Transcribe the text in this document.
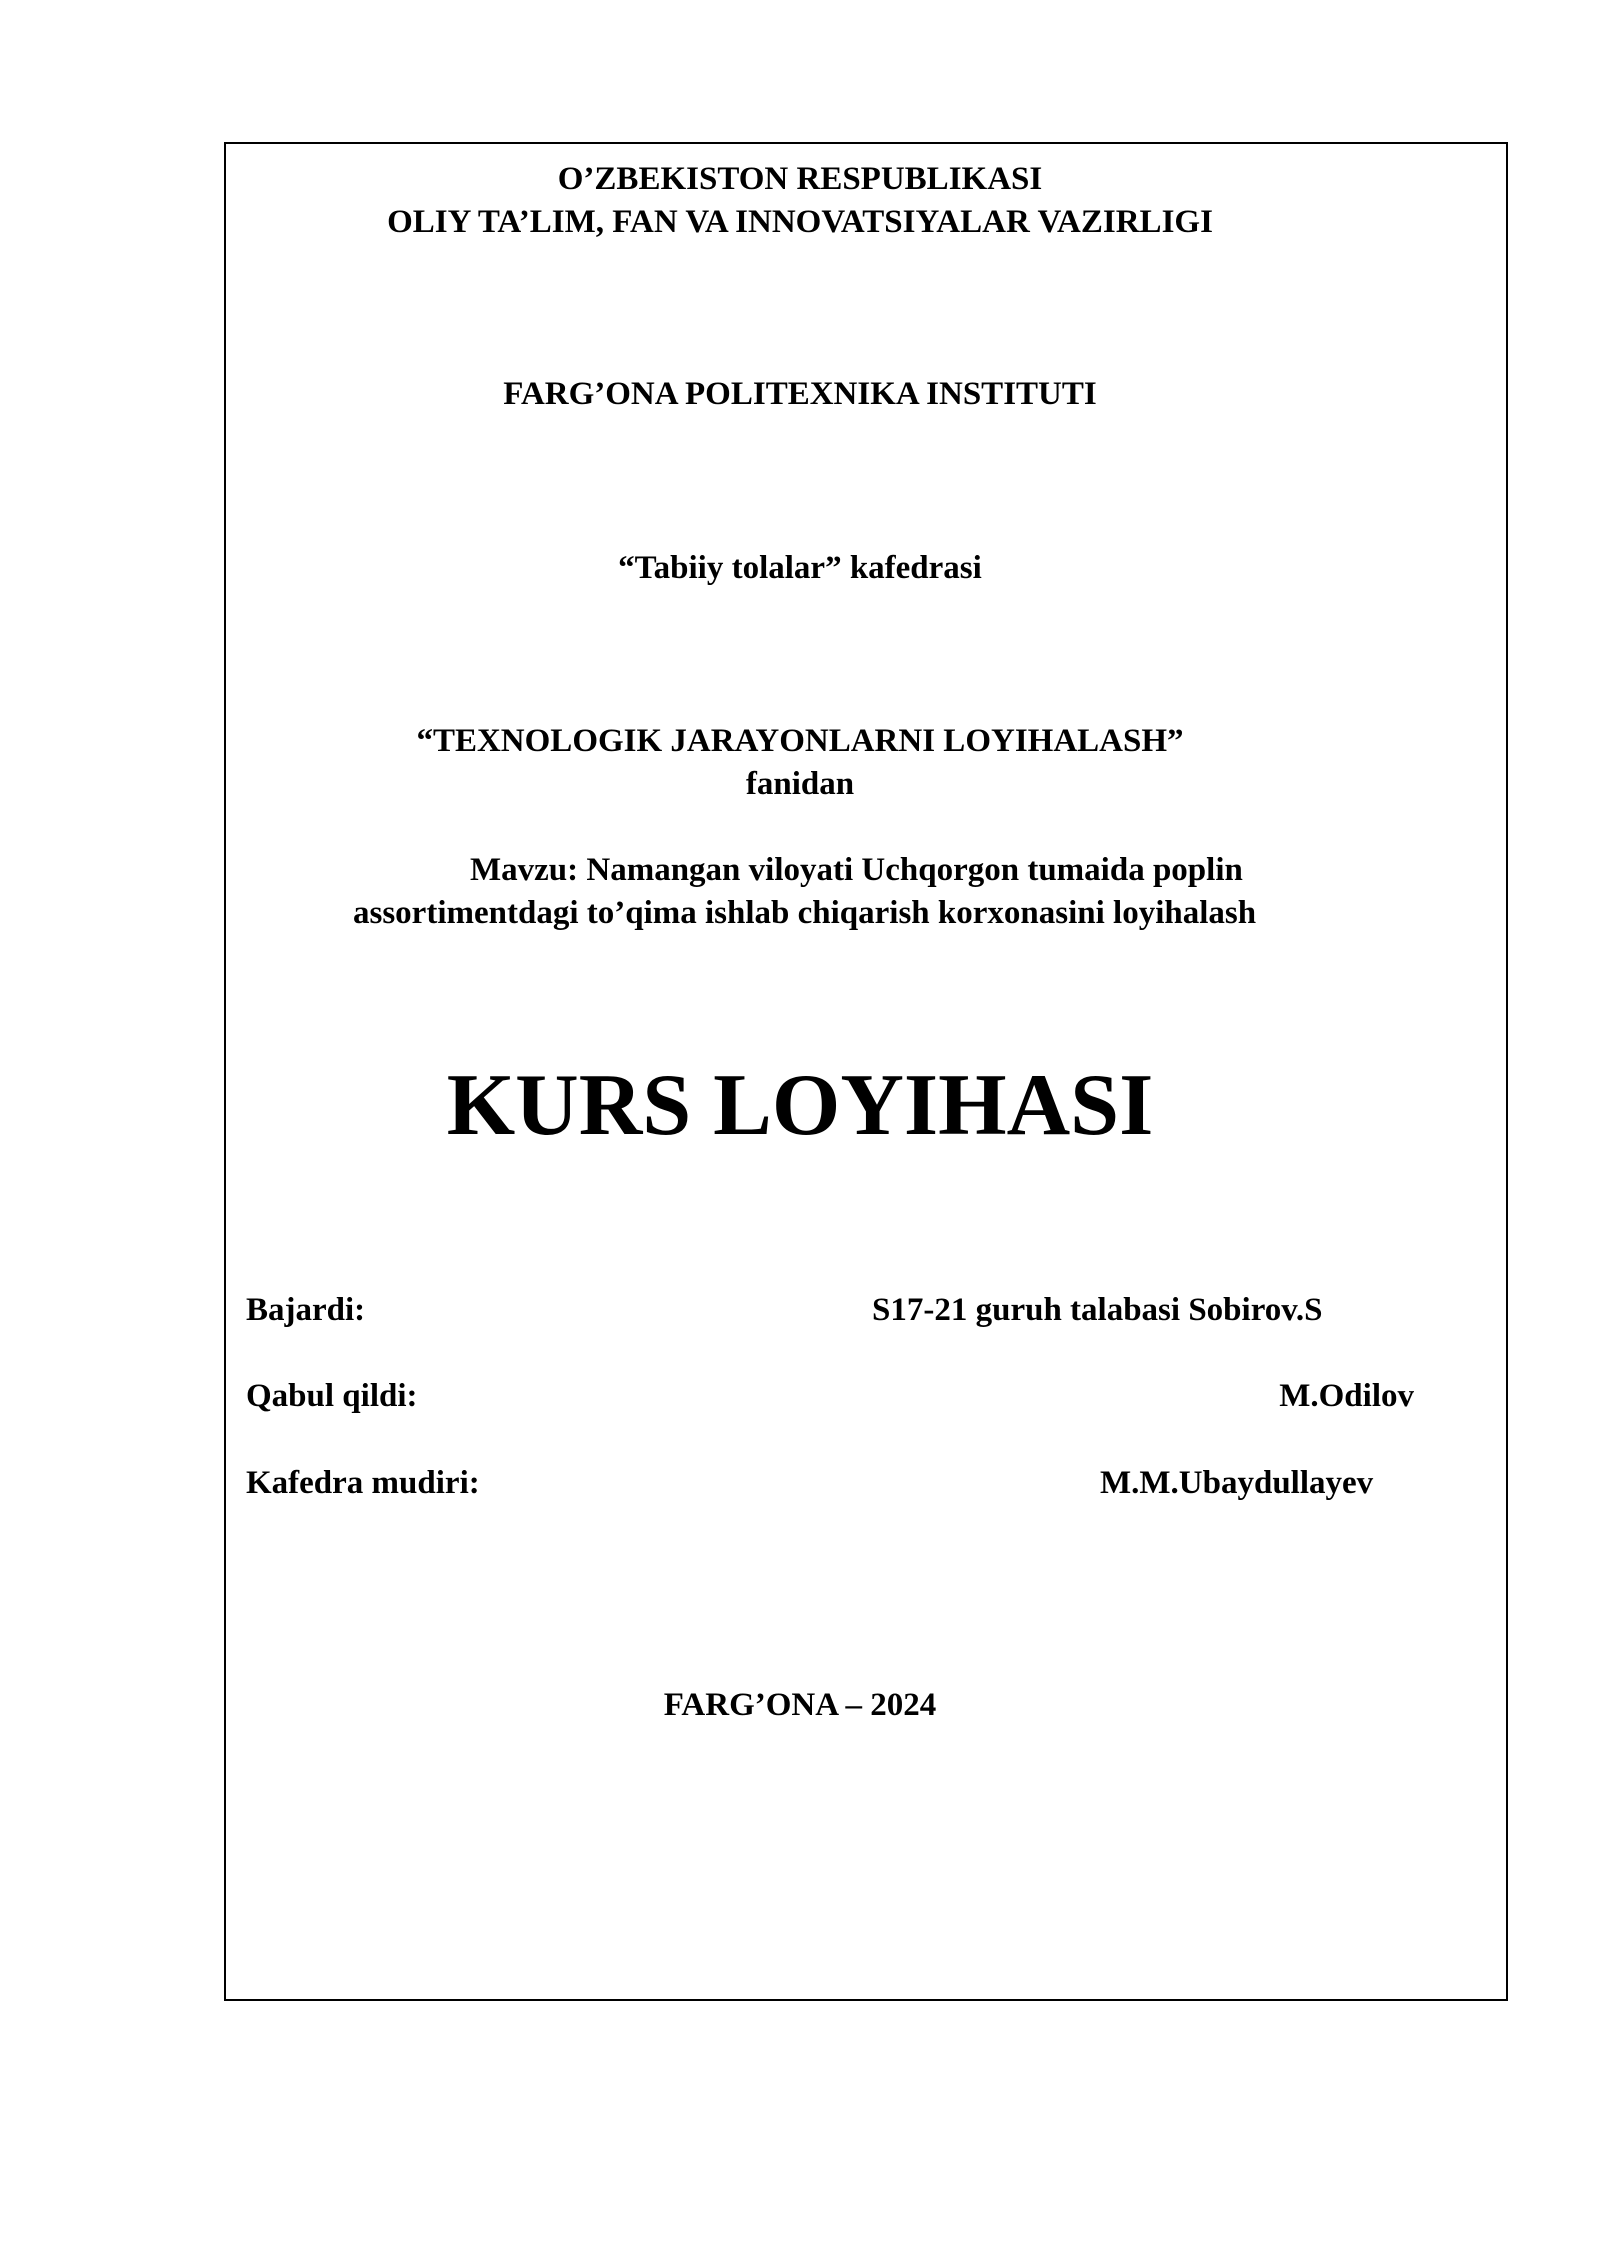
O’ZBEKISTON RESPUBLIKASI
OLIY TA’LIM, FAN VA INNOVATSIYALAR VAZIRLIGI
FARG’ONA POLITEXNIKA INSTITUTI
“Tabiiy tolalar” kafedrasi
“TEXNOLOGIK JARAYONLARNI LOYIHALASH”
fanidan
Mavzu: Namangan viloyati Uchqorgon tumaida poplin
assortimentdagi to’qima ishlab chiqarish korxonasini loyihalash
KURS LOYIHASI
Bajardi:	S17-21 guruh talabasi Sobirov.S
Qabul qildi:	M.Odilov
Kafedra mudiri:	M.M.Ubaydullayev
FARG’ONA – 2024
